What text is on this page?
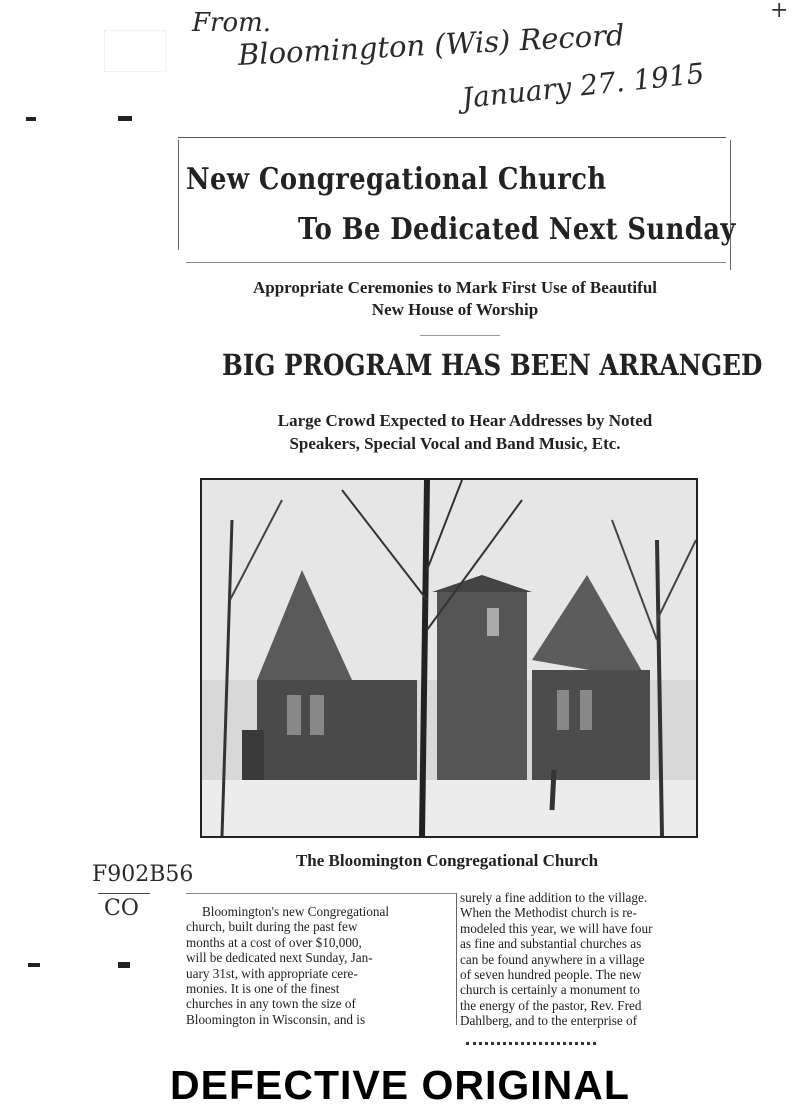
+
From.
Bloomington (Wis) Record
January 27. 1915
New Congregational Church
To Be Dedicated Next Sunday
Appropriate Ceremonies to Mark First Use of Beautiful
New House of Worship
BIG PROGRAM HAS BEEN ARRANGED
Large Crowd Expected to Hear Addresses by Noted
Speakers, Special Vocal and Band Music, Etc.
The Bloomington Congregational Church
F902B56
CO	Bloomington's new Congregational
church, built during the past few
months at a cost of over $10,000,
will be dedicated next Sunday, Jan-
uary 31st, with appropriate cere-
monies. It is one of the finest
churches in any town the size of
Bloomington in Wisconsin, and is
surely a fine addition to the village.
When the Methodist church is re-
modeled this year, we will have four
as fine and substantial churches as
can be found anywhere in a village
of seven hundred people. The new
church is certainly a monument to
the energy of the pastor, Rev. Fred
Dahlberg, and to the enterprise of
DEFECTIVE ORIGINAL
